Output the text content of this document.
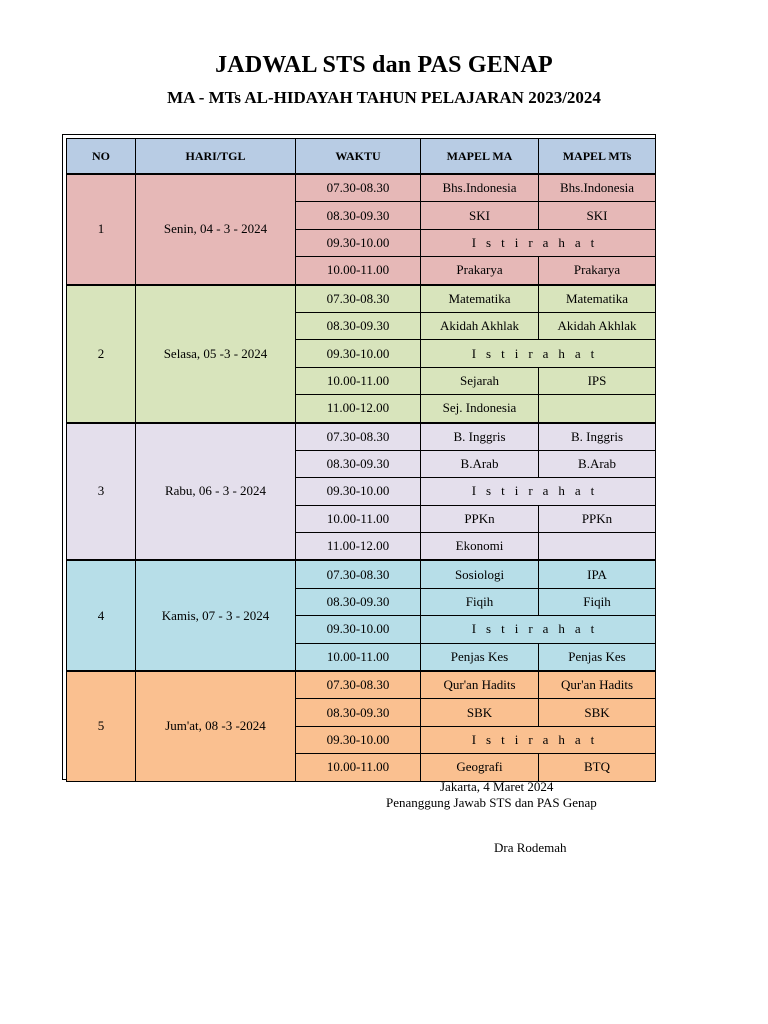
JADWAL STS dan PAS GENAP
MA - MTs AL-HIDAYAH TAHUN PELAJARAN 2023/2024
NO	HARI/TGL	WAKTU	MAPEL MA	MAPEL MTs
1	Senin, 04 - 3 - 2024	07.30-08.30	Bhs.Indonesia	Bhs.Indonesia
		08.30-09.30	SKI	SKI
		09.30-10.00	Istirahat	
		10.00-11.00	Prakarya	Prakarya
2	Selasa, 05 -3 - 2024	07.30-08.30	Matematika	Matematika
		08.30-09.30	Akidah Akhlak	Akidah Akhlak
		09.30-10.00	Istirahat	
		10.00-11.00	Sejarah	IPS
		11.00-12.00	Sej. Indonesia	
3	Rabu, 06 - 3 - 2024	07.30-08.30	B. Inggris	B. Inggris
		08.30-09.30	B.Arab	B.Arab
		09.30-10.00	Istirahat	
		10.00-11.00	PPKn	PPKn
		11.00-12.00	Ekonomi	
4	Kamis, 07 - 3 - 2024	07.30-08.30	Sosiologi	IPA
		08.30-09.30	Fiqih	Fiqih
		09.30-10.00	Istirahat	
		10.00-11.00	Penjas Kes	Penjas Kes
5	Jum'at, 08 -3 -2024	07.30-08.30	Qur'an Hadits	Qur'an Hadits
		08.30-09.30	SBK	SBK
		09.30-10.00	Istirahat	
		10.00-11.00	Geografi	BTQ
Jakarta, 4 Maret 2024
Penanggung Jawab STS dan PAS Genap
Dra Rodemah
